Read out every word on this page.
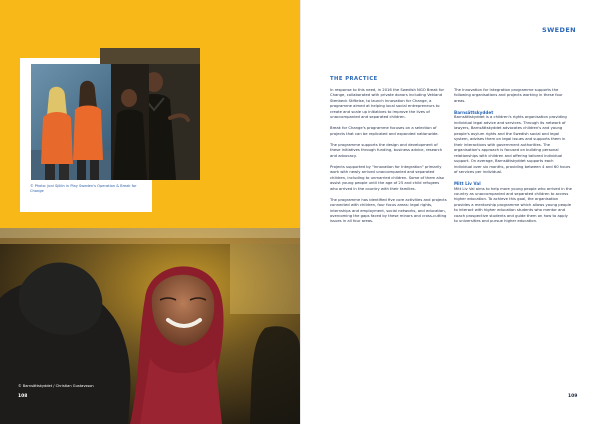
© Photo: Joni Sjölin in Play Sweden's Operation & Break for Change
© Barnsättskyddet / Christian Gustavsson
108
SWEDEN
THE PRACTICE

In response to this need, in 2016 the Swedish NGO Break for Change, collaborated with private donors including Vekland Stenbeck Stiftelse, to launch Innovation for Change, a programme aimed at helping local social entrepreneurs to create and scale up initiatives to improve the lives of unaccompanied and separated children.

Break for Change's programme focuses on a selection of projects that can be replicated and expanded nationwide.

The programme supports the design and development of these initiatives through funding, business advice, research and advocacy.

Projects supported by "Innovation for Integration" primarily work with newly arrived unaccompanied and separated children, including to unmarried children. Some of them also assist young people until the age of 25 and child refugees who arrived in the country with their families.

The programme has identified five core activities and projects connected with children, four focus areas: legal rights, internships and employment, social networks, and education, overcoming the gaps faced by these minors and cross-cutting issues in all four areas.

The Innovation for Integration programme supports the following organisations and projects working in these four areas.

Barnsättskyddet

Barnsättskyddet is a children's rights organisation providing individual legal advice and services. Through its network of lawyers, Barnsättskyddet advocates children's and young people's asylum rights and the Swedish social and legal system, advises them on legal issues and supports them in their interactions with government authorities. The organisation's approach is focused on building personal relationships with children and offering tailored individual support. On average, Barnsättskyddet supports each individual over six months, providing between 4 and 60 hours of services per individual.

Mitt Liv Val

Mitt Liv Val aims to help more young people who arrived in the country as unaccompanied and separated children to access higher education. To achieve this goal, the organisation provides a mentorship programme which allows young people to interact with higher education students who mentor and coach prospective students and guide them on how to apply to universities and pursue higher education.

109
